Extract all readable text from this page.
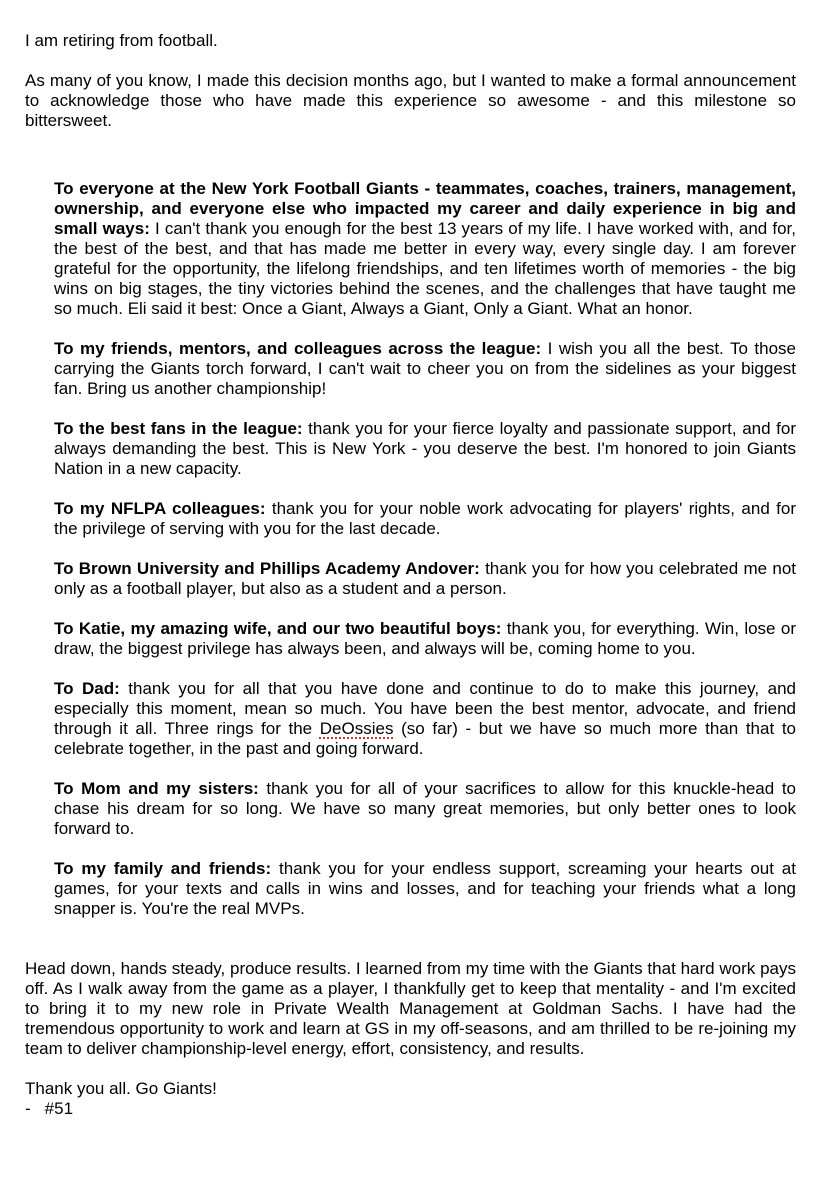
I am retiring from football.

As many of you know, I made this decision months ago, but I wanted to make a formal announcement to acknowledge those who have made this experience so awesome - and this milestone so bittersweet.

To everyone at the New York Football Giants - teammates, coaches, trainers, management, ownership, and everyone else who impacted my career and daily experience in big and small ways: I can't thank you enough for the best 13 years of my life. I have worked with, and for, the best of the best, and that has made me better in every way, every single day. I am forever grateful for the opportunity, the lifelong friendships, and ten lifetimes worth of memories - the big wins on big stages, the tiny victories behind the scenes, and the challenges that have taught me so much. Eli said it best: Once a Giant, Always a Giant, Only a Giant. What an honor.

To my friends, mentors, and colleagues across the league: I wish you all the best. To those carrying the Giants torch forward, I can't wait to cheer you on from the sidelines as your biggest fan. Bring us another championship!

To the best fans in the league: thank you for your fierce loyalty and passionate support, and for always demanding the best. This is New York - you deserve the best. I'm honored to join Giants Nation in a new capacity.

To my NFLPA colleagues: thank you for your noble work advocating for players' rights, and for the privilege of serving with you for the last decade.

To Brown University and Phillips Academy Andover: thank you for how you celebrated me not only as a football player, but also as a student and a person.

To Katie, my amazing wife, and our two beautiful boys: thank you, for everything. Win, lose or draw, the biggest privilege has always been, and always will be, coming home to you.

To Dad: thank you for all that you have done and continue to do to make this journey, and especially this moment, mean so much. You have been the best mentor, advocate, and friend through it all. Three rings for the DeOssies (so far) - but we have so much more than that to celebrate together, in the past and going forward.

To Mom and my sisters: thank you for all of your sacrifices to allow for this knuckle-head to chase his dream for so long. We have so many great memories, but only better ones to look forward to.

To my family and friends: thank you for your endless support, screaming your hearts out at games, for your texts and calls in wins and losses, and for teaching your friends what a long snapper is. You're the real MVPs.

Head down, hands steady, produce results. I learned from my time with the Giants that hard work pays off. As I walk away from the game as a player, I thankfully get to keep that mentality - and I'm excited to bring it to my new role in Private Wealth Management at Goldman Sachs. I have had the tremendous opportunity to work and learn at GS in my off-seasons, and am thrilled to be re-joining my team to deliver championship-level energy, effort, consistency, and results.

Thank you all. Go Giants!

- #51
